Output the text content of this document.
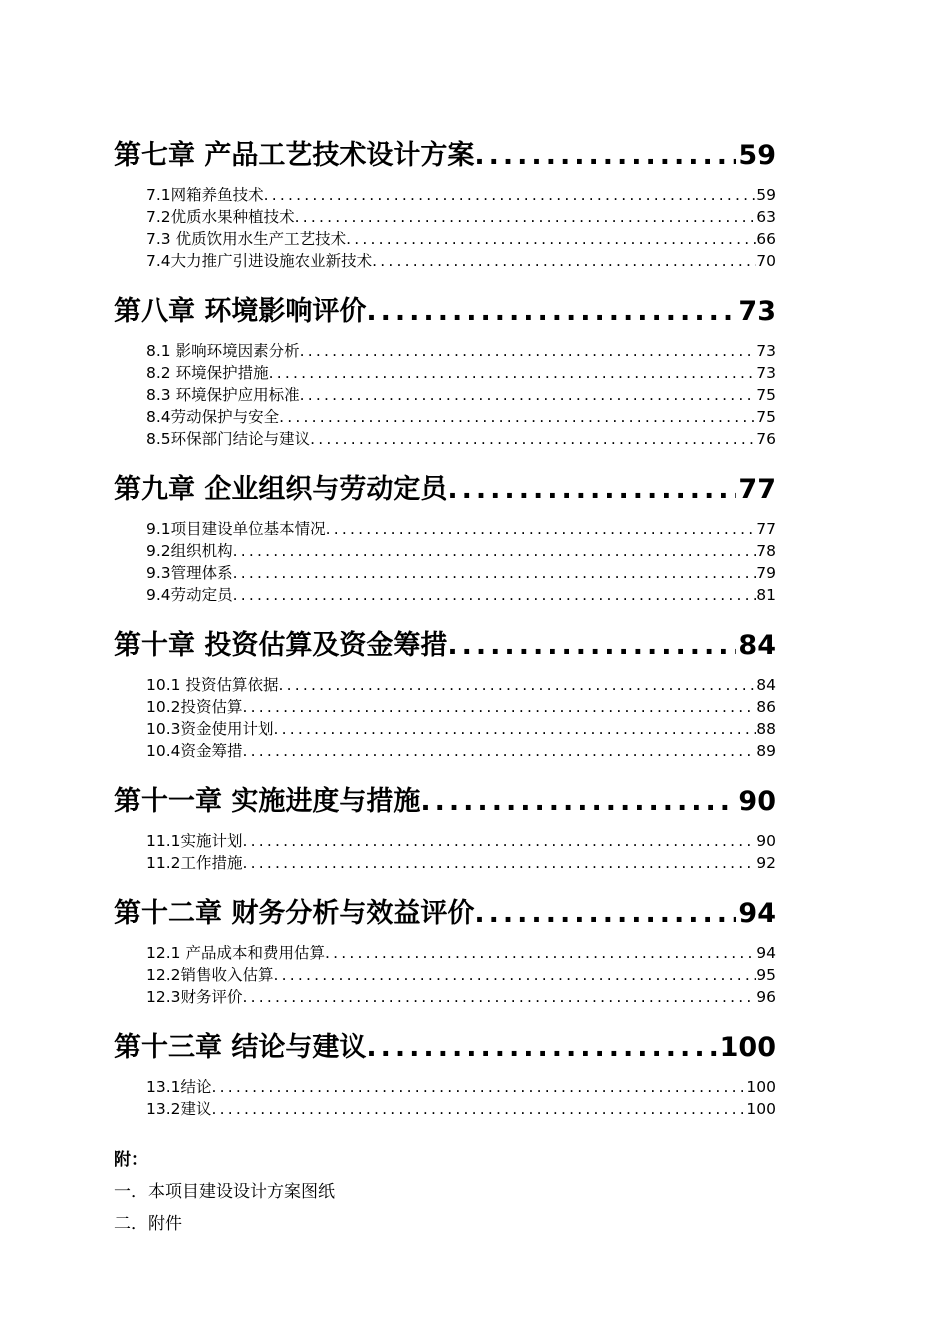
第七章 产品工艺技术设计方案 .....	59
7.1网箱养鱼技术 .....	59
7.2优质水果种植技术 .....	63
7.3 优质饮用水生产工艺技术 .....	66
7.4大力推广引进设施农业新技术 .....	70
第八章 环境影响评价 .....	73
8.1 影响环境因素分析 .....	73
8.2 环境保护措施 .....	73
8.3 环境保护应用标准 .....	75
8.4劳动保护与安全 .....	75
8.5环保部门结论与建议 .....	76
第九章 企业组织与劳动定员 .....	77
9.1项目建设单位基本情况 .....	77
9.2组织机构 .....	78
9.3管理体系 .....	79
9.4劳动定员 .....	81
第十章 投资估算及资金筹措 .....	84
10.1 投资估算依据 .....	84
10.2投资估算 .....	86
10.3资金使用计划 .....	88
10.4资金筹措 .....	89
第十一章 实施进度与措施 .....	90
11.1实施计划 .....	90
11.2工作措施 .....	92
第十二章 财务分析与效益评价 .....	94
12.1 产品成本和费用估算 .....	94
12.2销售收入估算 .....	95
12.3财务评价 .....	96
第十三章 结论与建议 .....	100
13.1结论 .....	100
13.2建议 .....	100
附：
一．本项目建设设计方案图纸
二．附件
